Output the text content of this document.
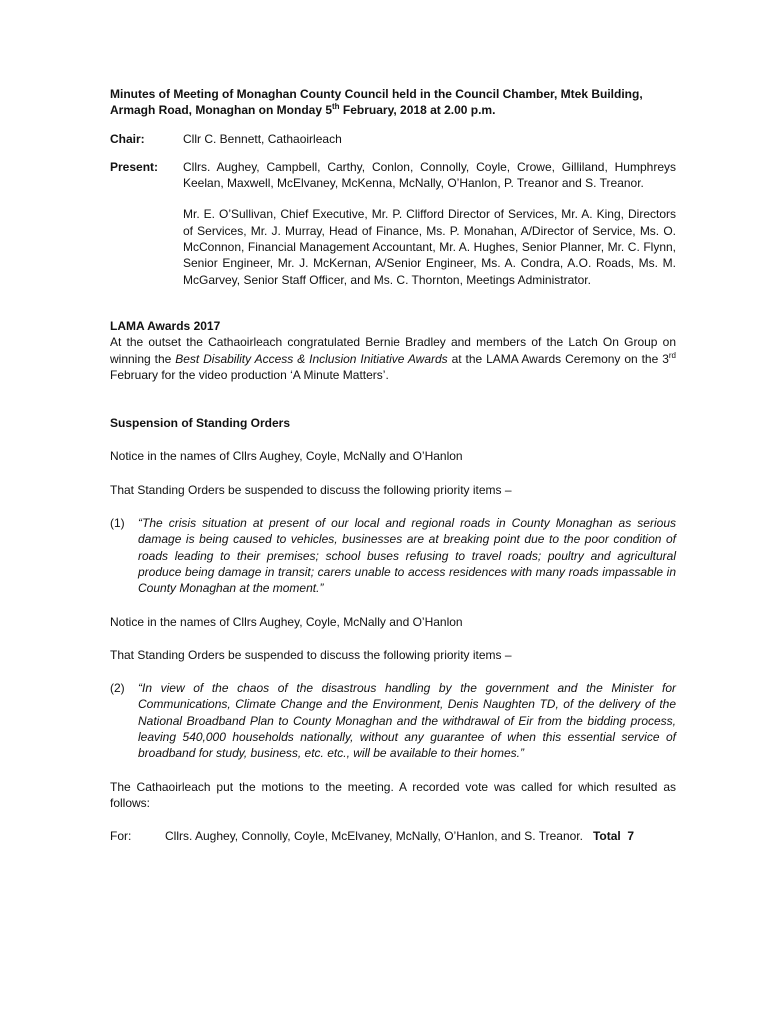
Minutes of Meeting of Monaghan County Council held in the Council Chamber, Mtek Building,
Armagh Road, Monaghan on Monday 5th February, 2018 at 2.00 p.m.
Chair:	Cllr C. Bennett, Cathaoirleach
Present:	Cllrs. Aughey, Campbell, Carthy, Conlon, Connolly, Coyle, Crowe, Gilliland, Humphreys Keelan, Maxwell, McElvaney, McKenna, McNally, O’Hanlon, P. Treanor and S. Treanor.
Mr. E. O’Sullivan, Chief Executive, Mr. P. Clifford Director of Services, Mr. A. King, Directors of Services, Mr. J. Murray, Head of Finance, Ms. P. Monahan, A/Director of Service, Ms. O. McConnon, Financial Management Accountant, Mr. A. Hughes, Senior Planner, Mr. C. Flynn, Senior Engineer, Mr. J. McKernan, A/Senior Engineer, Ms. A. Condra, A.O. Roads, Ms. M. McGarvey, Senior Staff Officer, and Ms. C. Thornton, Meetings Administrator.
LAMA Awards 2017
At the outset the Cathaoirleach congratulated Bernie Bradley and members of the Latch On Group on winning the Best Disability Access & Inclusion Initiative Awards at the LAMA Awards Ceremony on the 3rd February for the video production ‘A Minute Matters’.
Suspension of Standing Orders
Notice in the names of Cllrs Aughey, Coyle, McNally and O’Hanlon
That Standing Orders be suspended to discuss the following priority items –
(1)	“The crisis situation at present of our local and regional roads in County Monaghan as serious damage is being caused to vehicles, businesses are at breaking point due to the poor condition of roads leading to their premises; school buses refusing to travel roads; poultry and agricultural produce being damage in transit; carers unable to access residences with many roads impassable in County Monaghan at the moment.”
Notice in the names of Cllrs Aughey, Coyle, McNally and O’Hanlon
That Standing Orders be suspended to discuss the following priority items –
(2)	“In view of the chaos of the disastrous handling by the government and the Minister for Communications, Climate Change and the Environment, Denis Naughten TD, of the delivery of the National Broadband Plan to County Monaghan and the withdrawal of Eir from the bidding process, leaving 540,000 households nationally, without any guarantee of when this essential service of broadband for study, business, etc. etc., will be available to their homes.”
The Cathaoirleach put the motions to the meeting. A recorded vote was called for which resulted as follows:
For:	Cllrs. Aughey, Connolly, Coyle, McElvaney, McNally, O’Hanlon, and S. Treanor. Total  7
